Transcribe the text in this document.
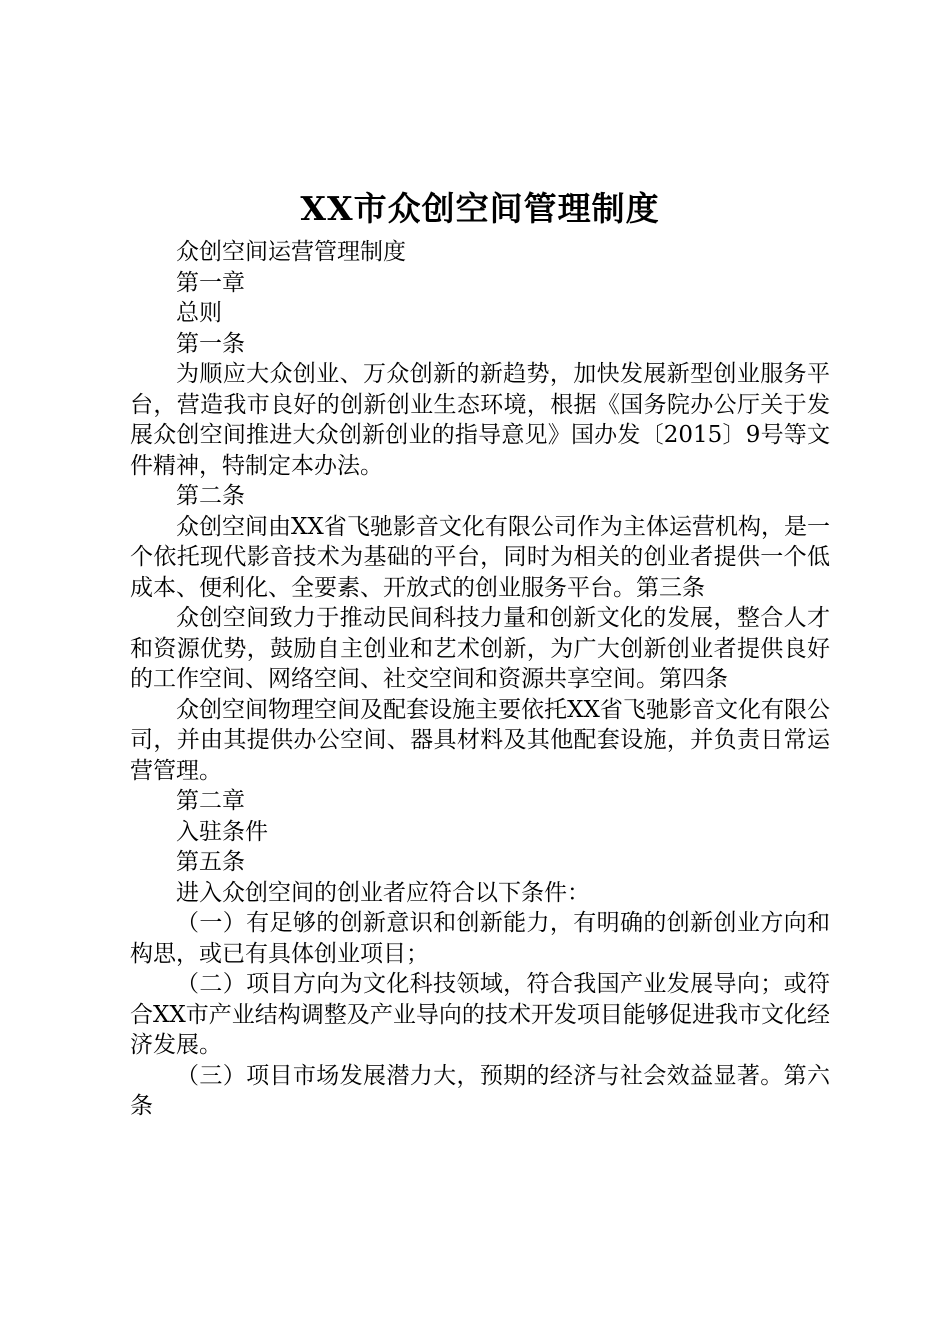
XX市众创空间管理制度

众创空间运营管理制度

第一章

总则

第一条

为顺应大众创业、万众创新的新趋势，加快发展新型创业服务平台，营造我市良好的创新创业生态环境，根据《国务院办公厅关于发展众创空间推进大众创新创业的指导意见》国办发〔2015〕9号等文件精神，特制定本办法。

第二条

众创空间由XX省飞驰影音文化有限公司作为主体运营机构，是一个依托现代影音技术为基础的平台，同时为相关的创业者提供一个低成本、便利化、全要素、开放式的创业服务平台。第三条

众创空间致力于推动民间科技力量和创新文化的发展，整合人才和资源优势，鼓励自主创业和艺术创新，为广大创新创业者提供良好的工作空间、网络空间、社交空间和资源共享空间。第四条

众创空间物理空间及配套设施主要依托XX省飞驰影音文化有限公司，并由其提供办公空间、器具材料及其他配套设施，并负责日常运营管理。

第二章

入驻条件

第五条

进入众创空间的创业者应符合以下条件：

（一）有足够的创新意识和创新能力，有明确的创新创业方向和构思，或已有具体创业项目；

（二）项目方向为文化科技领域，符合我国产业发展导向；或符合XX市产业结构调整及产业导向的技术开发项目能够促进我市文化经济发展。

（三）项目市场发展潜力大，预期的经济与社会效益显著。第六条
